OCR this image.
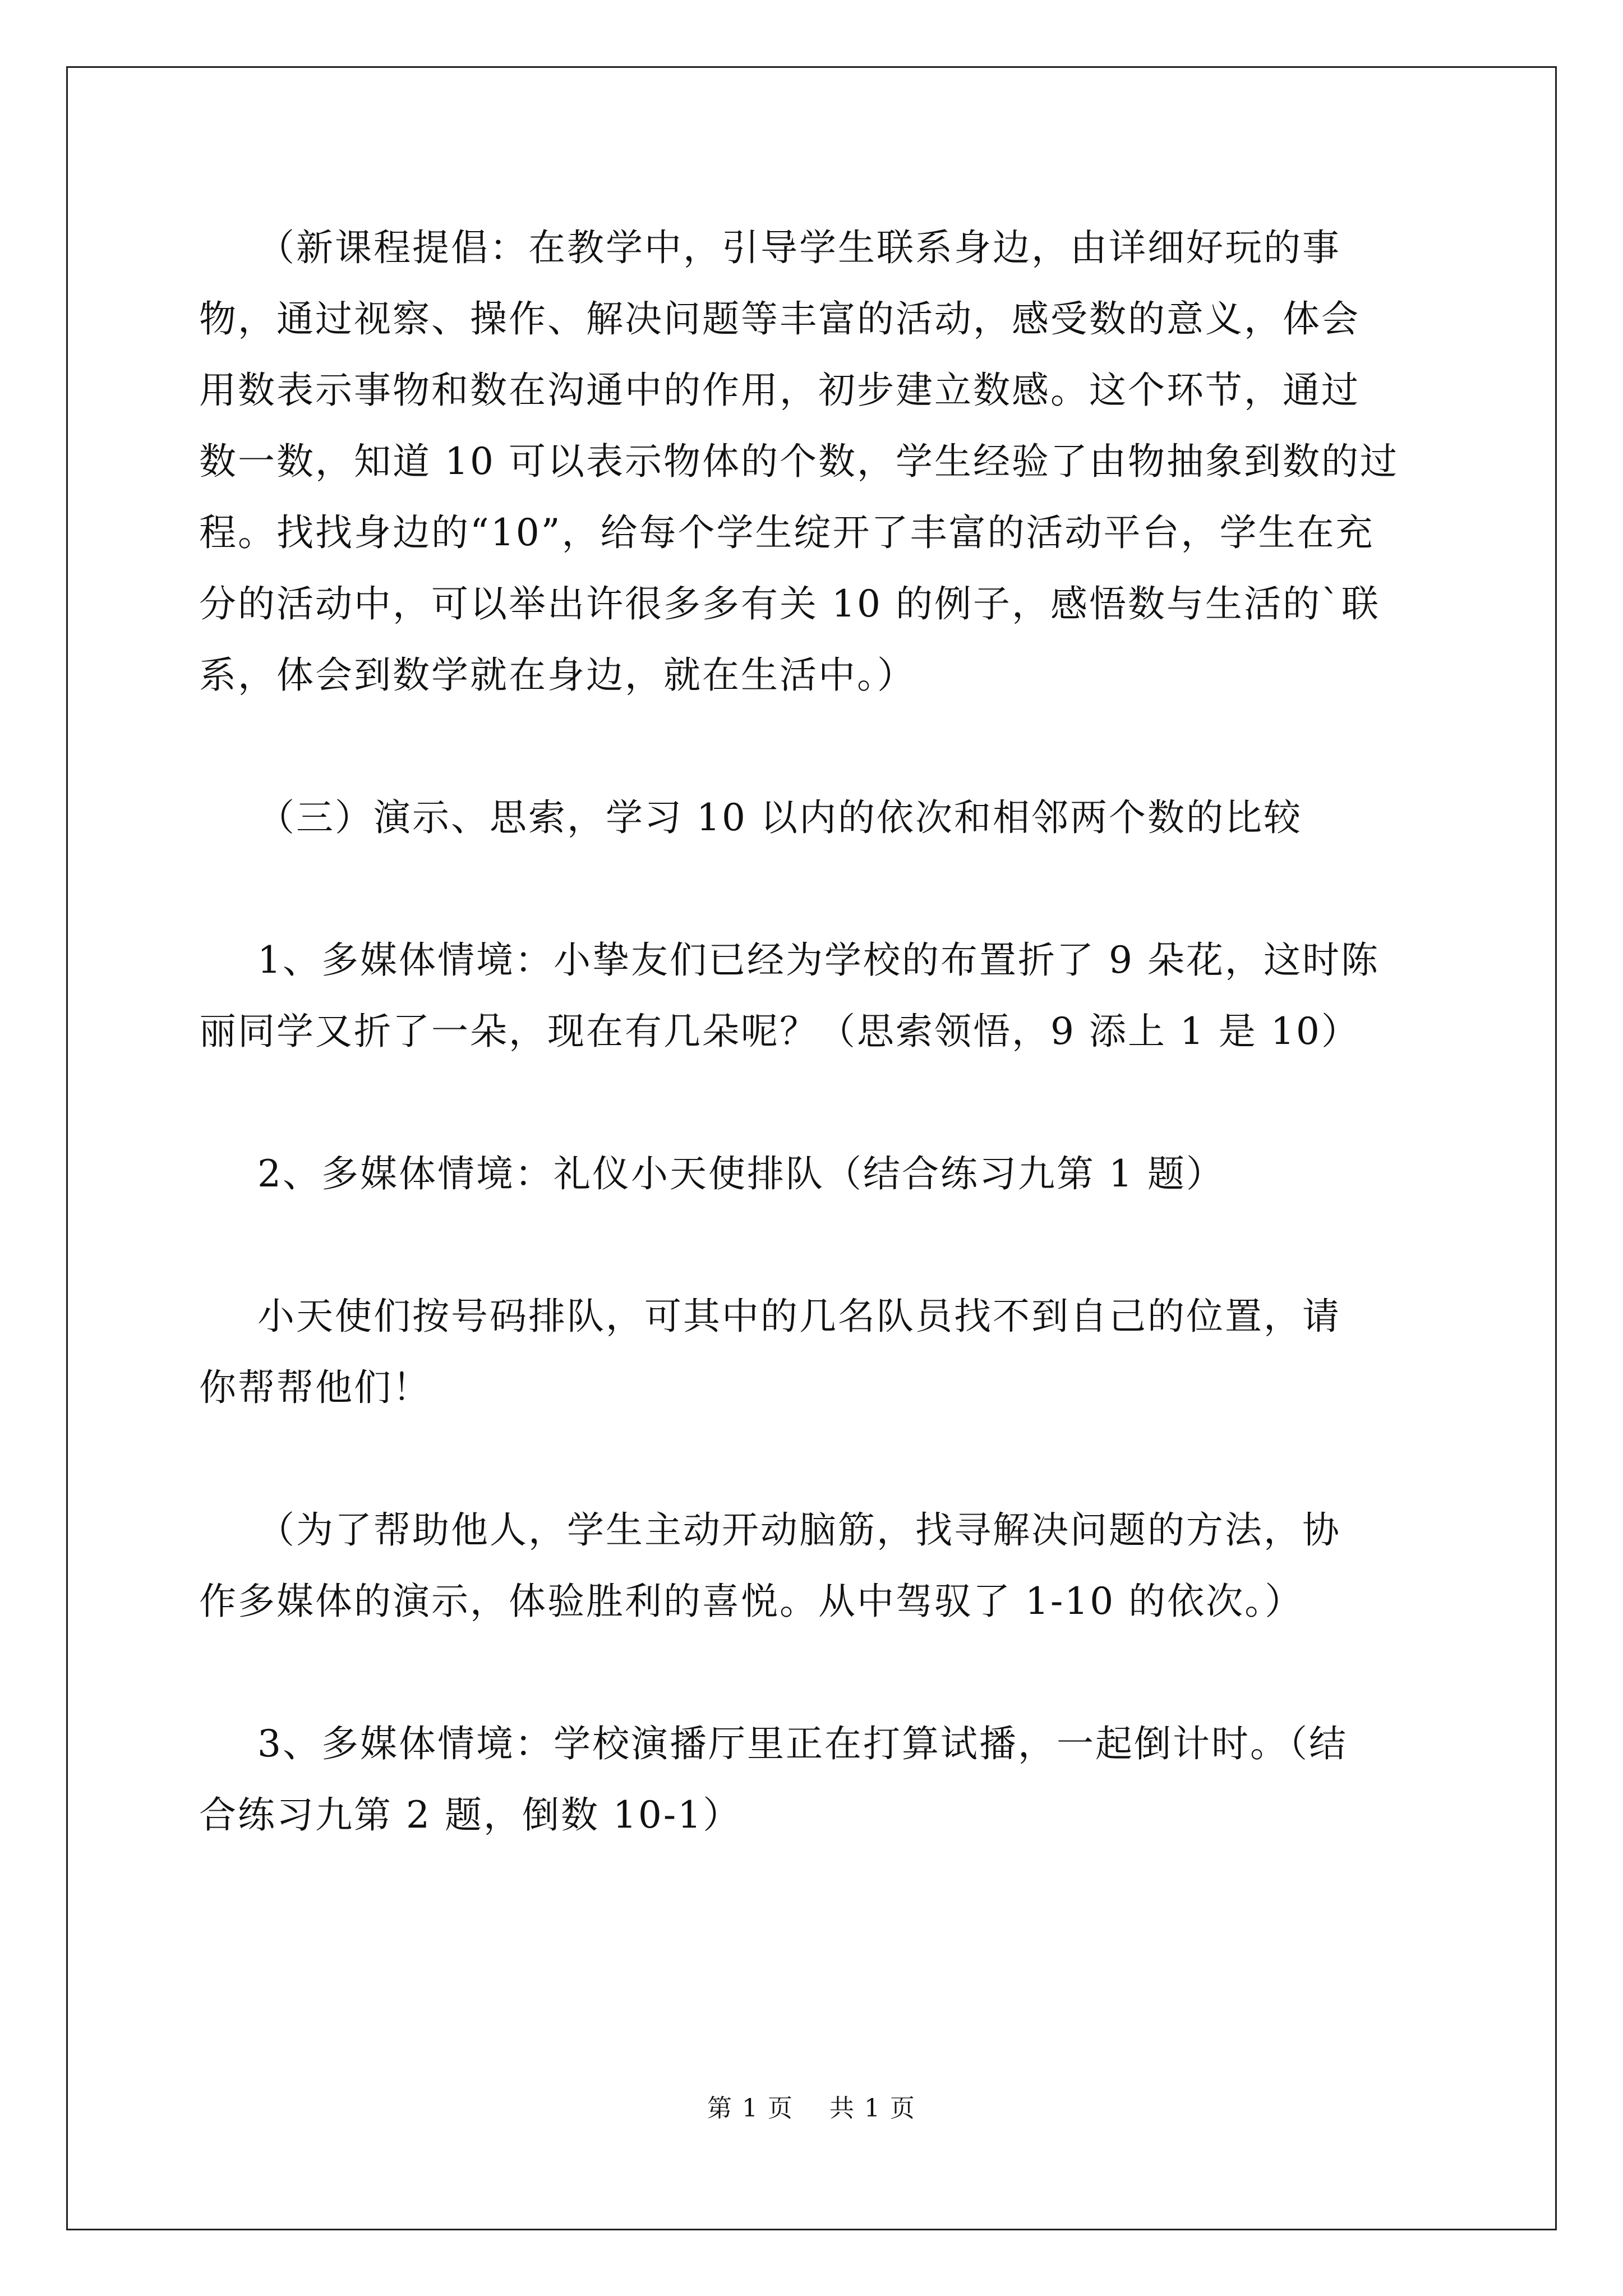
（新课程提倡：在教学中，引导学生联系身边，由详细好玩的事
物，通过视察、操作、解决问题等丰富的活动，感受数的意义，体会
用数表示事物和数在沟通中的作用，初步建立数感。这个环节，通过
数一数，知道 10 可以表示物体的个数，学生经验了由物抽象到数的过
程。找找身边的“10”，给每个学生绽开了丰富的活动平台，学生在充
分的活动中，可以举出许很多多有关 10 的例子，感悟数与生活的`联
系，体会到数学就在身边，就在生活中。）
（三）演示、思索，学习 10 以内的依次和相邻两个数的比较
1、多媒体情境：小挚友们已经为学校的布置折了 9 朵花，这时陈
丽同学又折了一朵，现在有几朵呢？（思索领悟，9 添上 1 是 10）
2、多媒体情境：礼仪小天使排队（结合练习九第 1 题）
小天使们按号码排队，可其中的几名队员找不到自己的位置，请
你帮帮他们！
（为了帮助他人，学生主动开动脑筋，找寻解决问题的方法，协
作多媒体的演示，体验胜利的喜悦。从中驾驭了 1-10 的依次。）
3、多媒体情境：学校演播厅里正在打算试播，一起倒计时。（结
合练习九第 2 题，倒数 10-1）
第 1 页    共 1 页
